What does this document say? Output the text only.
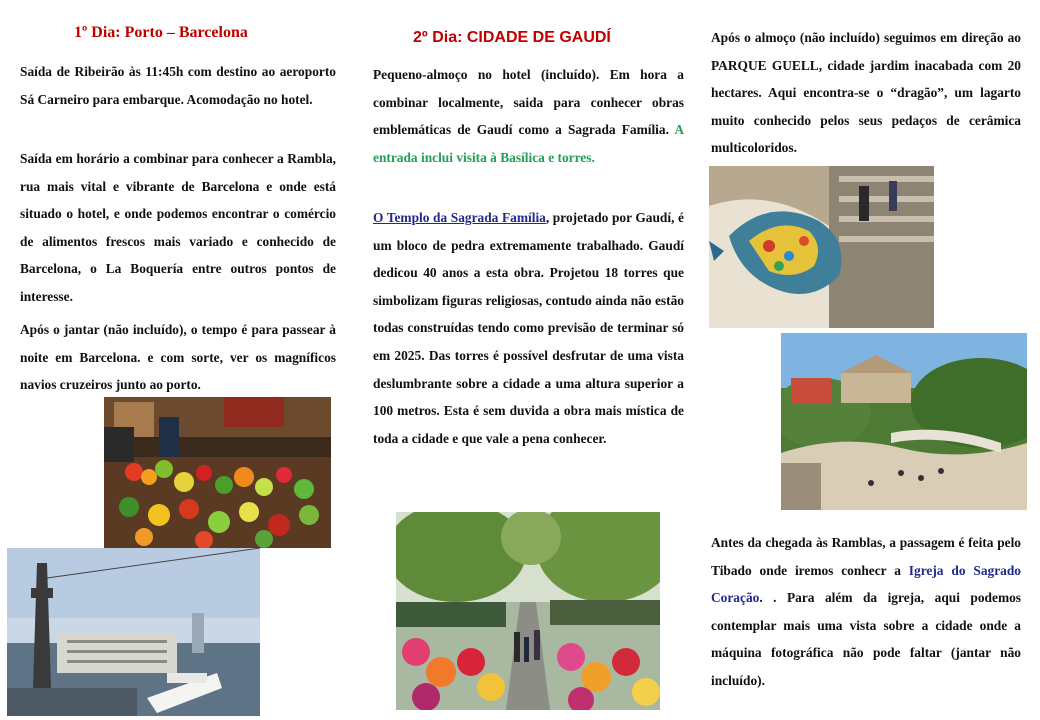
1º Dia: Porto – Barcelona

Saída de Ribeirão às 11:45h com destino ao aeroporto Sá Carneiro para embarque. Acomodação no hotel.

Saída em horário a combinar para conhecer a Rambla, rua mais vital e vibrante de Barcelona e onde está situado o hotel, e onde podemos encontrar o comércio de alimentos frescos mais variado e conhecido de Barcelona, o La Boquería entre outros pontos de interesse.

Após o jantar (não incluído), o tempo é para passear à noite em Barcelona. e com sorte, ver os magníficos navios cruzeiros junto ao porto.

2º Dia: CIDADE DE GAUDÍ

Pequeno-almoço no hotel (incluído). Em hora a combinar localmente, saida para conhecer obras emblemáticas de Gaudí como a Sagrada Família. A entrada inclui visita à Basílica e torres.

O Templo da Sagrada Família, projetado por Gaudí, é um bloco de pedra extremamente trabalhado. Gaudí dedicou 40 anos a esta obra. Projetou 18 torres que simbolizam figuras religiosas, contudo ainda não estão todas construídas tendo como previsão de terminar só em 2025. Das torres é possível desfrutar de uma vista deslumbrante sobre a cidade a uma altura superior a 100 metros. Esta é sem duvida a obra mais mística de toda a cidade e que vale a pena conhecer.

Após o almoço (não incluído) seguimos em direção ao PARQUE GUELL, cidade jardim inacabada com 20 hectares. Aqui encontra-se o “dragão”, um lagarto muito conhecido pelos seus pedaços de cerâmica multicoloridos.

Antes da chegada às Ramblas, a passagem é feita pelo Tibado onde iremos conhecr a Igreja do Sagrado Coração. . Para além da igreja, aqui podemos contemplar mais uma vista sobre a cidade onde a máquina fotográfica não pode faltar (jantar não incluído).
